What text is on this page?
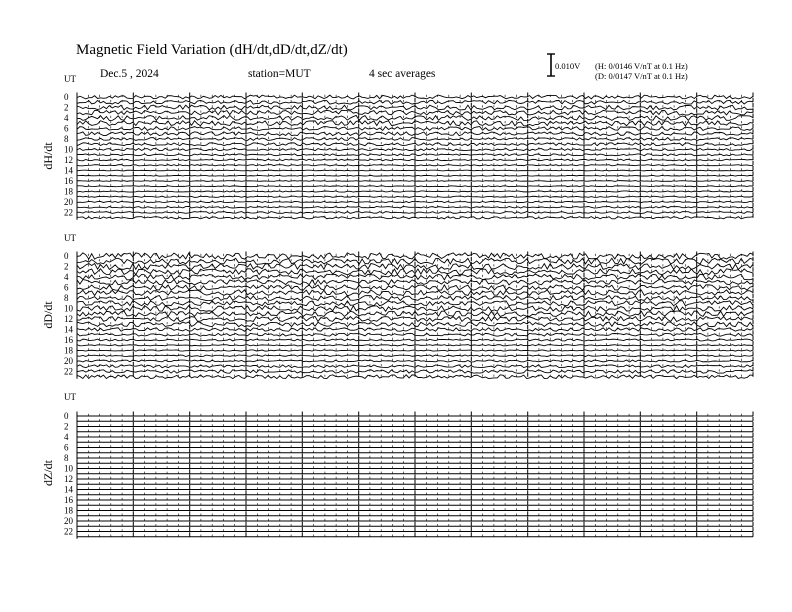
Magnetic Field Variation (dH/dt,dD/dt,dZ/dt)
Dec.5 , 2024	station=MUT	4 sec averages
0.010V (H: 0/0146 V/nT at 0.1 Hz)
(D: 0/0147 V/nT at 0.1 Hz)
UT
dH/dt
0
2
4
6
8
10
12
14
16
18
20
22
UT
dD/dt
0
2
4
6
8
10
12
14
16
18
20
22
UT
dZ/dt
0
2
4
6
8
10
12
14
16
18
20
22
